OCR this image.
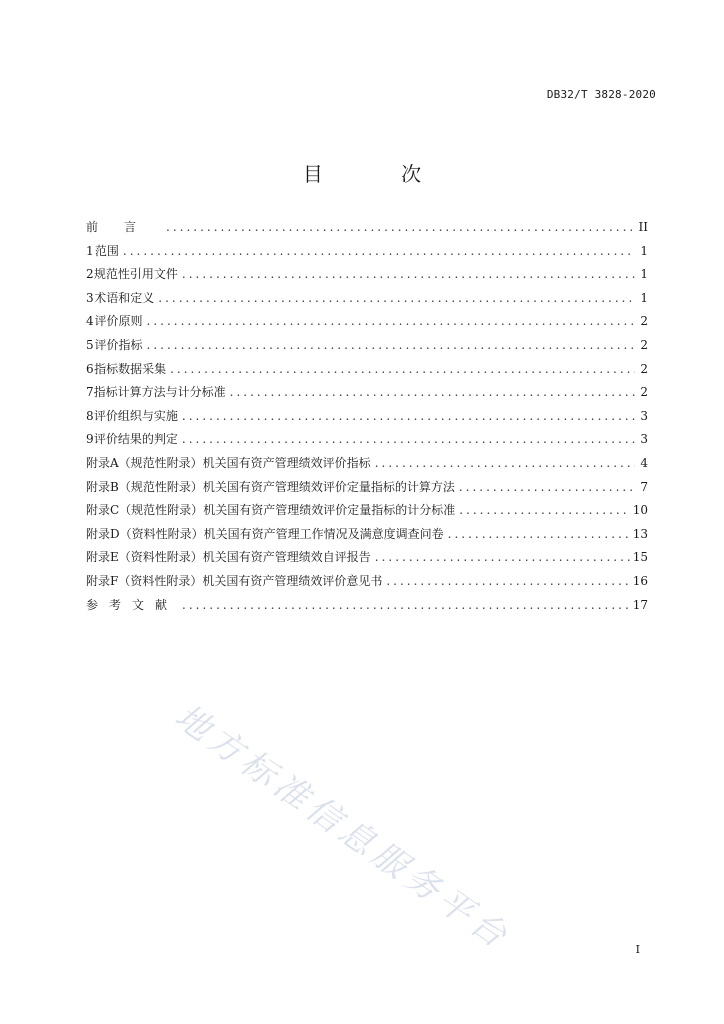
DB32/T 3828-2020
目 次
前言 .....	II
1 范围 .....	1
2 规范性引用文件 .....	1
3 术语和定义 .....	1
4 评价原则 .....	2
5 评价指标 .....	2
6 指标数据采集 .....	2
7 指标计算方法与计分标准 .....	2
8 评价组织与实施 .....	3
9 评价结果的判定 .....	3
附录A（规范性附录） 机关国有资产管理绩效评价指标 .....	4
附录B（规范性附录） 机关国有资产管理绩效评价定量指标的计算方法 .....	7
附录C（规范性附录） 机关国有资产管理绩效评价定量指标的计分标准 .....	10
附录D（资料性附录） 机关国有资产管理工作情况及满意度调查问卷 .....	13
附录E（资料性附录） 机关国有资产管理绩效自评报告 .....	15
附录F（资料性附录） 机关国有资产管理绩效评价意见书 .....	16
参考文献 .....	17
地方标准信息服务平台	I
